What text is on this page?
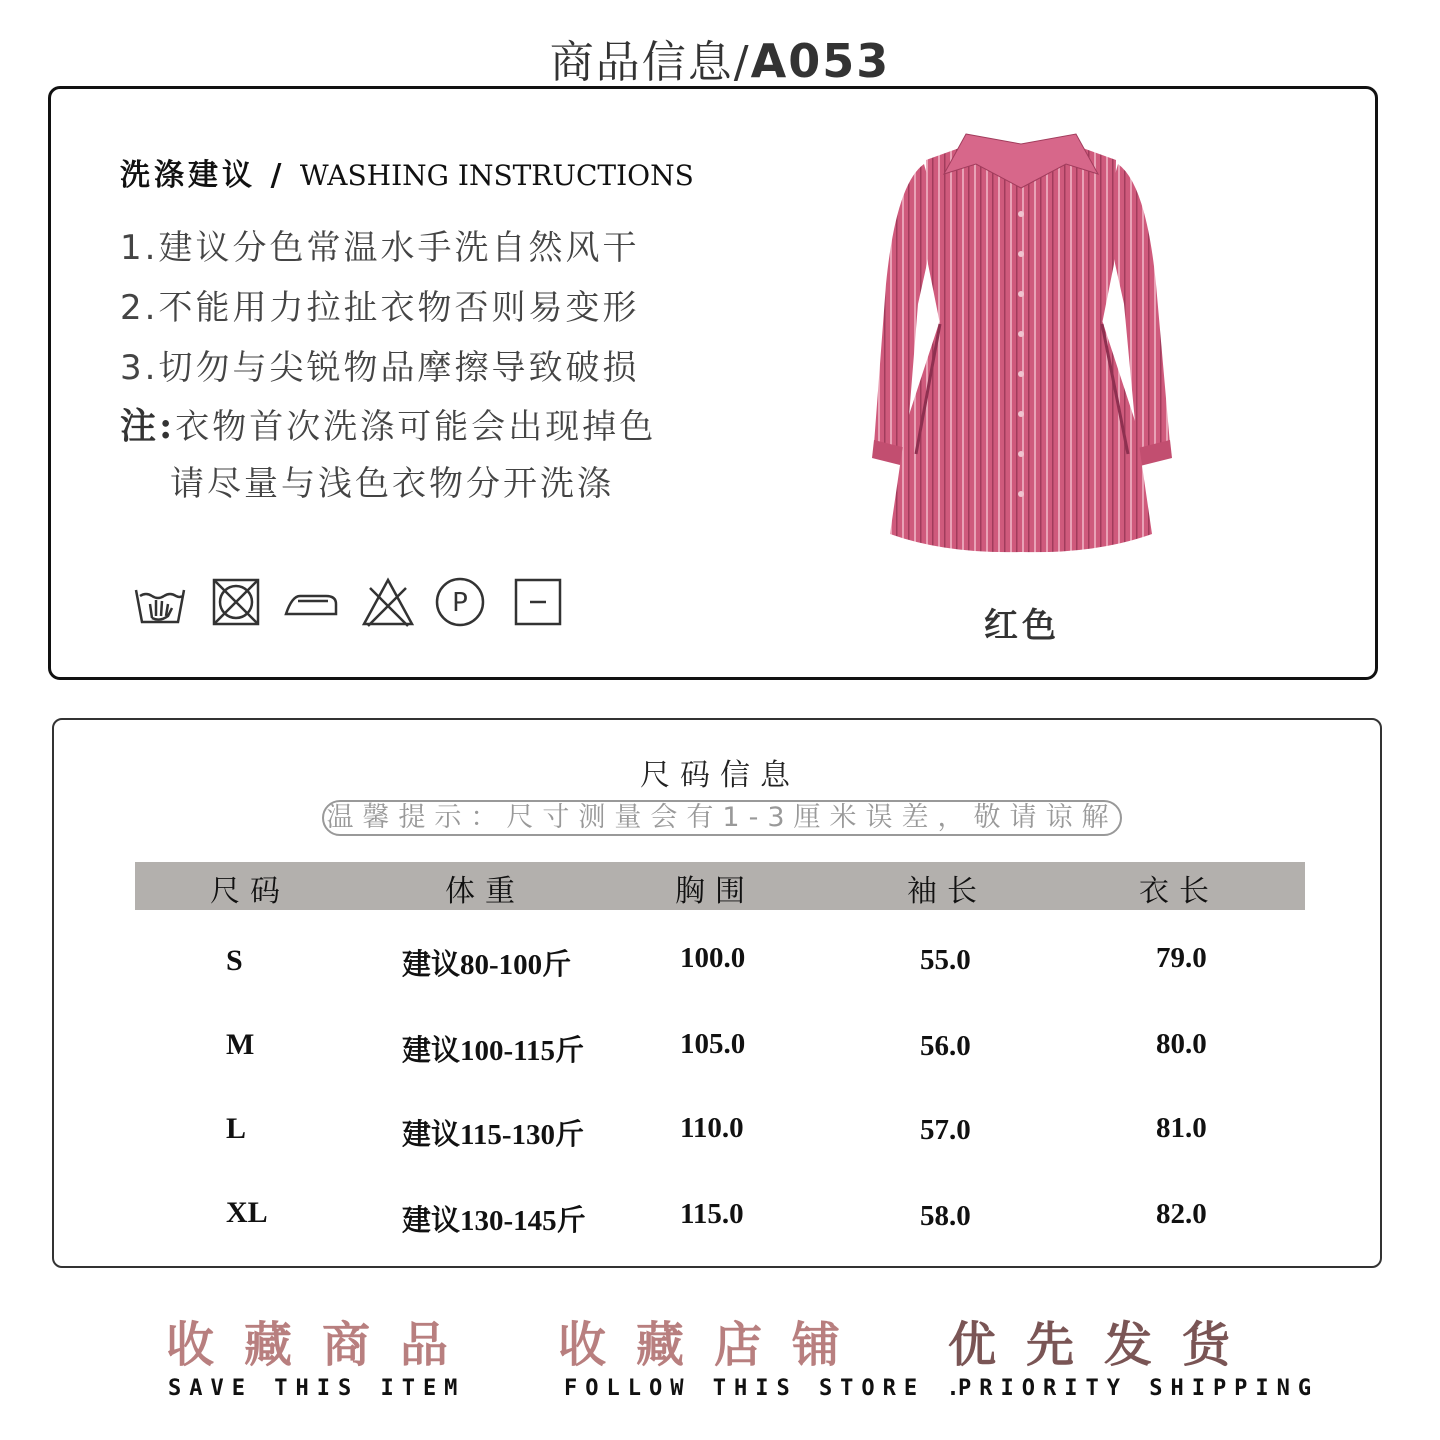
商品信息/A053
洗涤建议 / WASHING INSTRUCTIONS
1.建议分色常温水手洗自然风干
2.不能用力拉扯衣物否则易变形
3.切勿与尖锐物品摩擦导致破损
注:衣物首次洗涤可能会出现掉色
请尽量与浅色衣物分开洗涤
P
红色
尺码信息
温馨提示：尺寸测量会有1-3厘米误差，敬请谅解
尺码	体重	胸围	袖长	衣长
S	建议80-100斤	100.0	55.0	79.0
M	建议100-115斤	105.0	56.0	80.0
L	建议115-130斤	110.0	57.0	81.0
XL	建议130-145斤	115.0	58.0	82.0
收藏商品
SAVE THIS ITEM
收藏店铺
FOLLOW THIS STORE .
优先发货
PRIORITY SHIPPING
